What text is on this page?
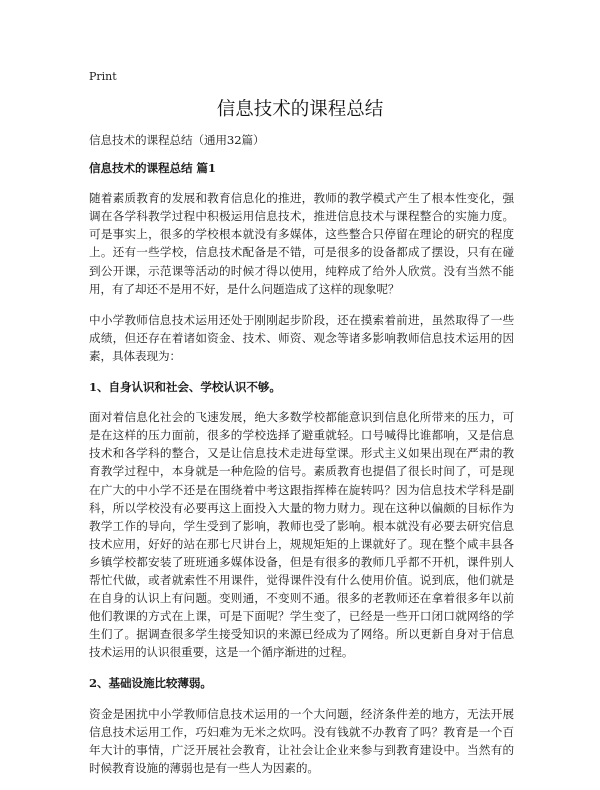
Print
信息技术的课程总结

信息技术的课程总结（通用32篇）

信息技术的课程总结 篇1

随着素质教育的发展和教育信息化的推进，教师的教学模式产生了根本性变化，强调在各学科教学过程中积极运用信息技术，推进信息技术与课程整合的实施力度。可是事实上，很多的学校根本就没有多媒体，这些整合只停留在理论的研究的程度上。还有一些学校，信息技术配备是不错，可是很多的设备都成了摆设，只有在碰到公开课，示范课等活动的时候才得以使用，纯粹成了给外人欣赏。没有当然不能用，有了却还不是用不好，是什么问题造成了这样的现象呢？

中小学教师信息技术运用还处于刚刚起步阶段，还在摸索着前进，虽然取得了一些成绩，但还存在着诸如资金、技术、师资、观念等诸多影响教师信息技术运用的因素，具体表现为：

1、自身认识和社会、学校认识不够。

面对着信息化社会的飞速发展，绝大多数学校都能意识到信息化所带来的压力，可是在这样的压力面前，很多的学校选择了避重就轻。口号喊得比谁都响，又是信息技术和各学科的整合，又是让信息技术走进每堂课。形式主义如果出现在严肃的教育教学过程中，本身就是一种危险的信号。素质教育也提倡了很长时间了，可是现在广大的中小学不还是在围绕着中考这跟指挥棒在旋转吗？因为信息技术学科是副科，所以学校没有必要再这上面投入大量的物力财力。现在这种以偏颇的目标作为教学工作的导向，学生受到了影响，教师也受了影响。根本就没有必要去研究信息技术应用，好好的站在那七尺讲台上，规规矩矩的上课就好了。现在整个咸丰县各乡镇学校都安装了班班通多媒体设备，但是有很多的教师几乎都不开机，课件别人帮忙代做，或者就索性不用课件，觉得课件没有什么使用价值。说到底，他们就是在自身的认识上有问题。变则通，不变则不通。很多的老教师还在拿着很多年以前他们教课的方式在上课，可是下面呢？学生变了，已经是一些开口闭口就网络的学生们了。据调查很多学生接受知识的来源已经成为了网络。所以更新自身对于信息技术运用的认识很重要，这是一个循序渐进的过程。

2、基础设施比较薄弱。

资金是困扰中小学教师信息技术运用的一个大问题，经济条件差的地方，无法开展信息技术运用工作，巧妇难为无米之炊吗。没有钱就不办教育了吗？教育是一个百年大计的事情，广泛开展社会教育，让社会让企业来参与到教育建设中。当然有的时候教育设施的薄弱也是有一些人为因素的。
